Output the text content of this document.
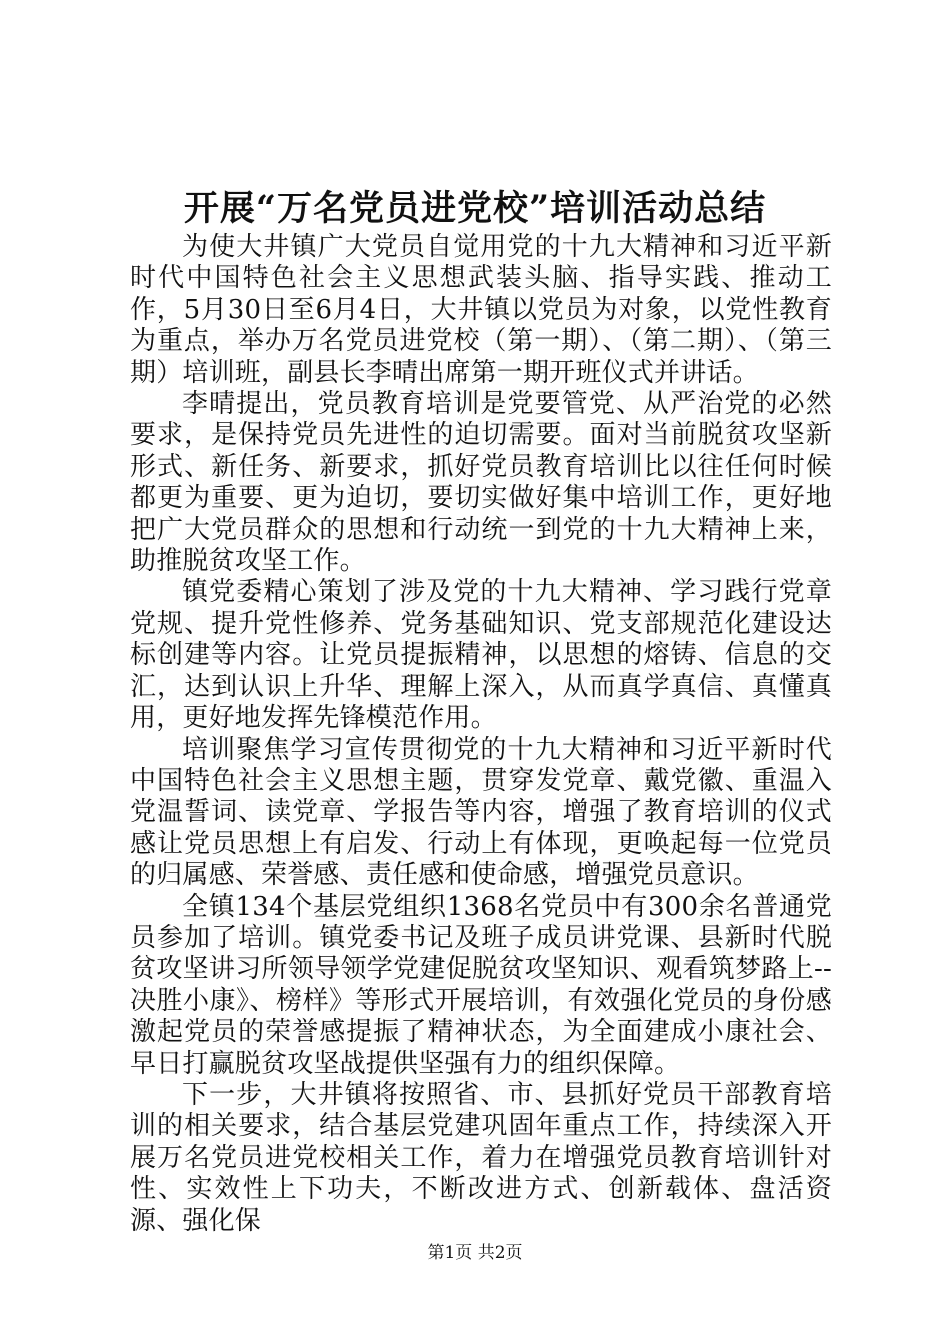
开展“万名党员进党校”培训活动总结

为使大井镇广大党员自觉用党的十九大精神和习近平新时代中国特色社会主义思想武装头脑、指导实践、推动工作，5月30日至6月4日，大井镇以党员为对象，以党性教育为重点，举办万名党员进党校（第一期）、（第二期）、（第三期）培训班，副县长李晴出席第一期开班仪式并讲话。

李晴提出，党员教育培训是党要管党、从严治党的必然要求，是保持党员先进性的迫切需要。面对当前脱贫攻坚新形式、新任务、新要求，抓好党员教育培训比以往任何时候都更为重要、更为迫切，要切实做好集中培训工作，更好地把广大党员群众的思想和行动统一到党的十九大精神上来，助推脱贫攻坚工作。

镇党委精心策划了涉及党的十九大精神、学习践行党章党规、提升党性修养、党务基础知识、党支部规范化建设达标创建等内容。让党员提振精神，以思想的熔铸、信息的交汇，达到认识上升华、理解上深入，从而真学真信、真懂真用，更好地发挥先锋模范作用。

培训聚焦学习宣传贯彻党的十九大精神和习近平新时代中国特色社会主义思想主题，贯穿发党章、戴党徽、重温入党温誓词、读党章、学报告等内容，增强了教育培训的仪式感让党员思想上有启发、行动上有体现，更唤起每一位党员的归属感、荣誉感、责任感和使命感，增强党员意识。

全镇134个基层党组织1368名党员中有300余名普通党员参加了培训。镇党委书记及班子成员讲党课、县新时代脱贫攻坚讲习所领导领学党建促脱贫攻坚知识、观看筑梦路上--决胜小康》、榜样》等形式开展培训，有效强化党员的身份感激起党员的荣誉感提振了精神状态，为全面建成小康社会、早日打赢脱贫攻坚战提供坚强有力的组织保障。

下一步，大井镇将按照省、市、县抓好党员干部教育培训的相关要求，结合基层党建巩固年重点工作，持续深入开展万名党员进党校相关工作，着力在增强党员教育培训针对性、实效性上下功夫，不断改进方式、创新载体、盘活资源、强化保

第1页 共2页
